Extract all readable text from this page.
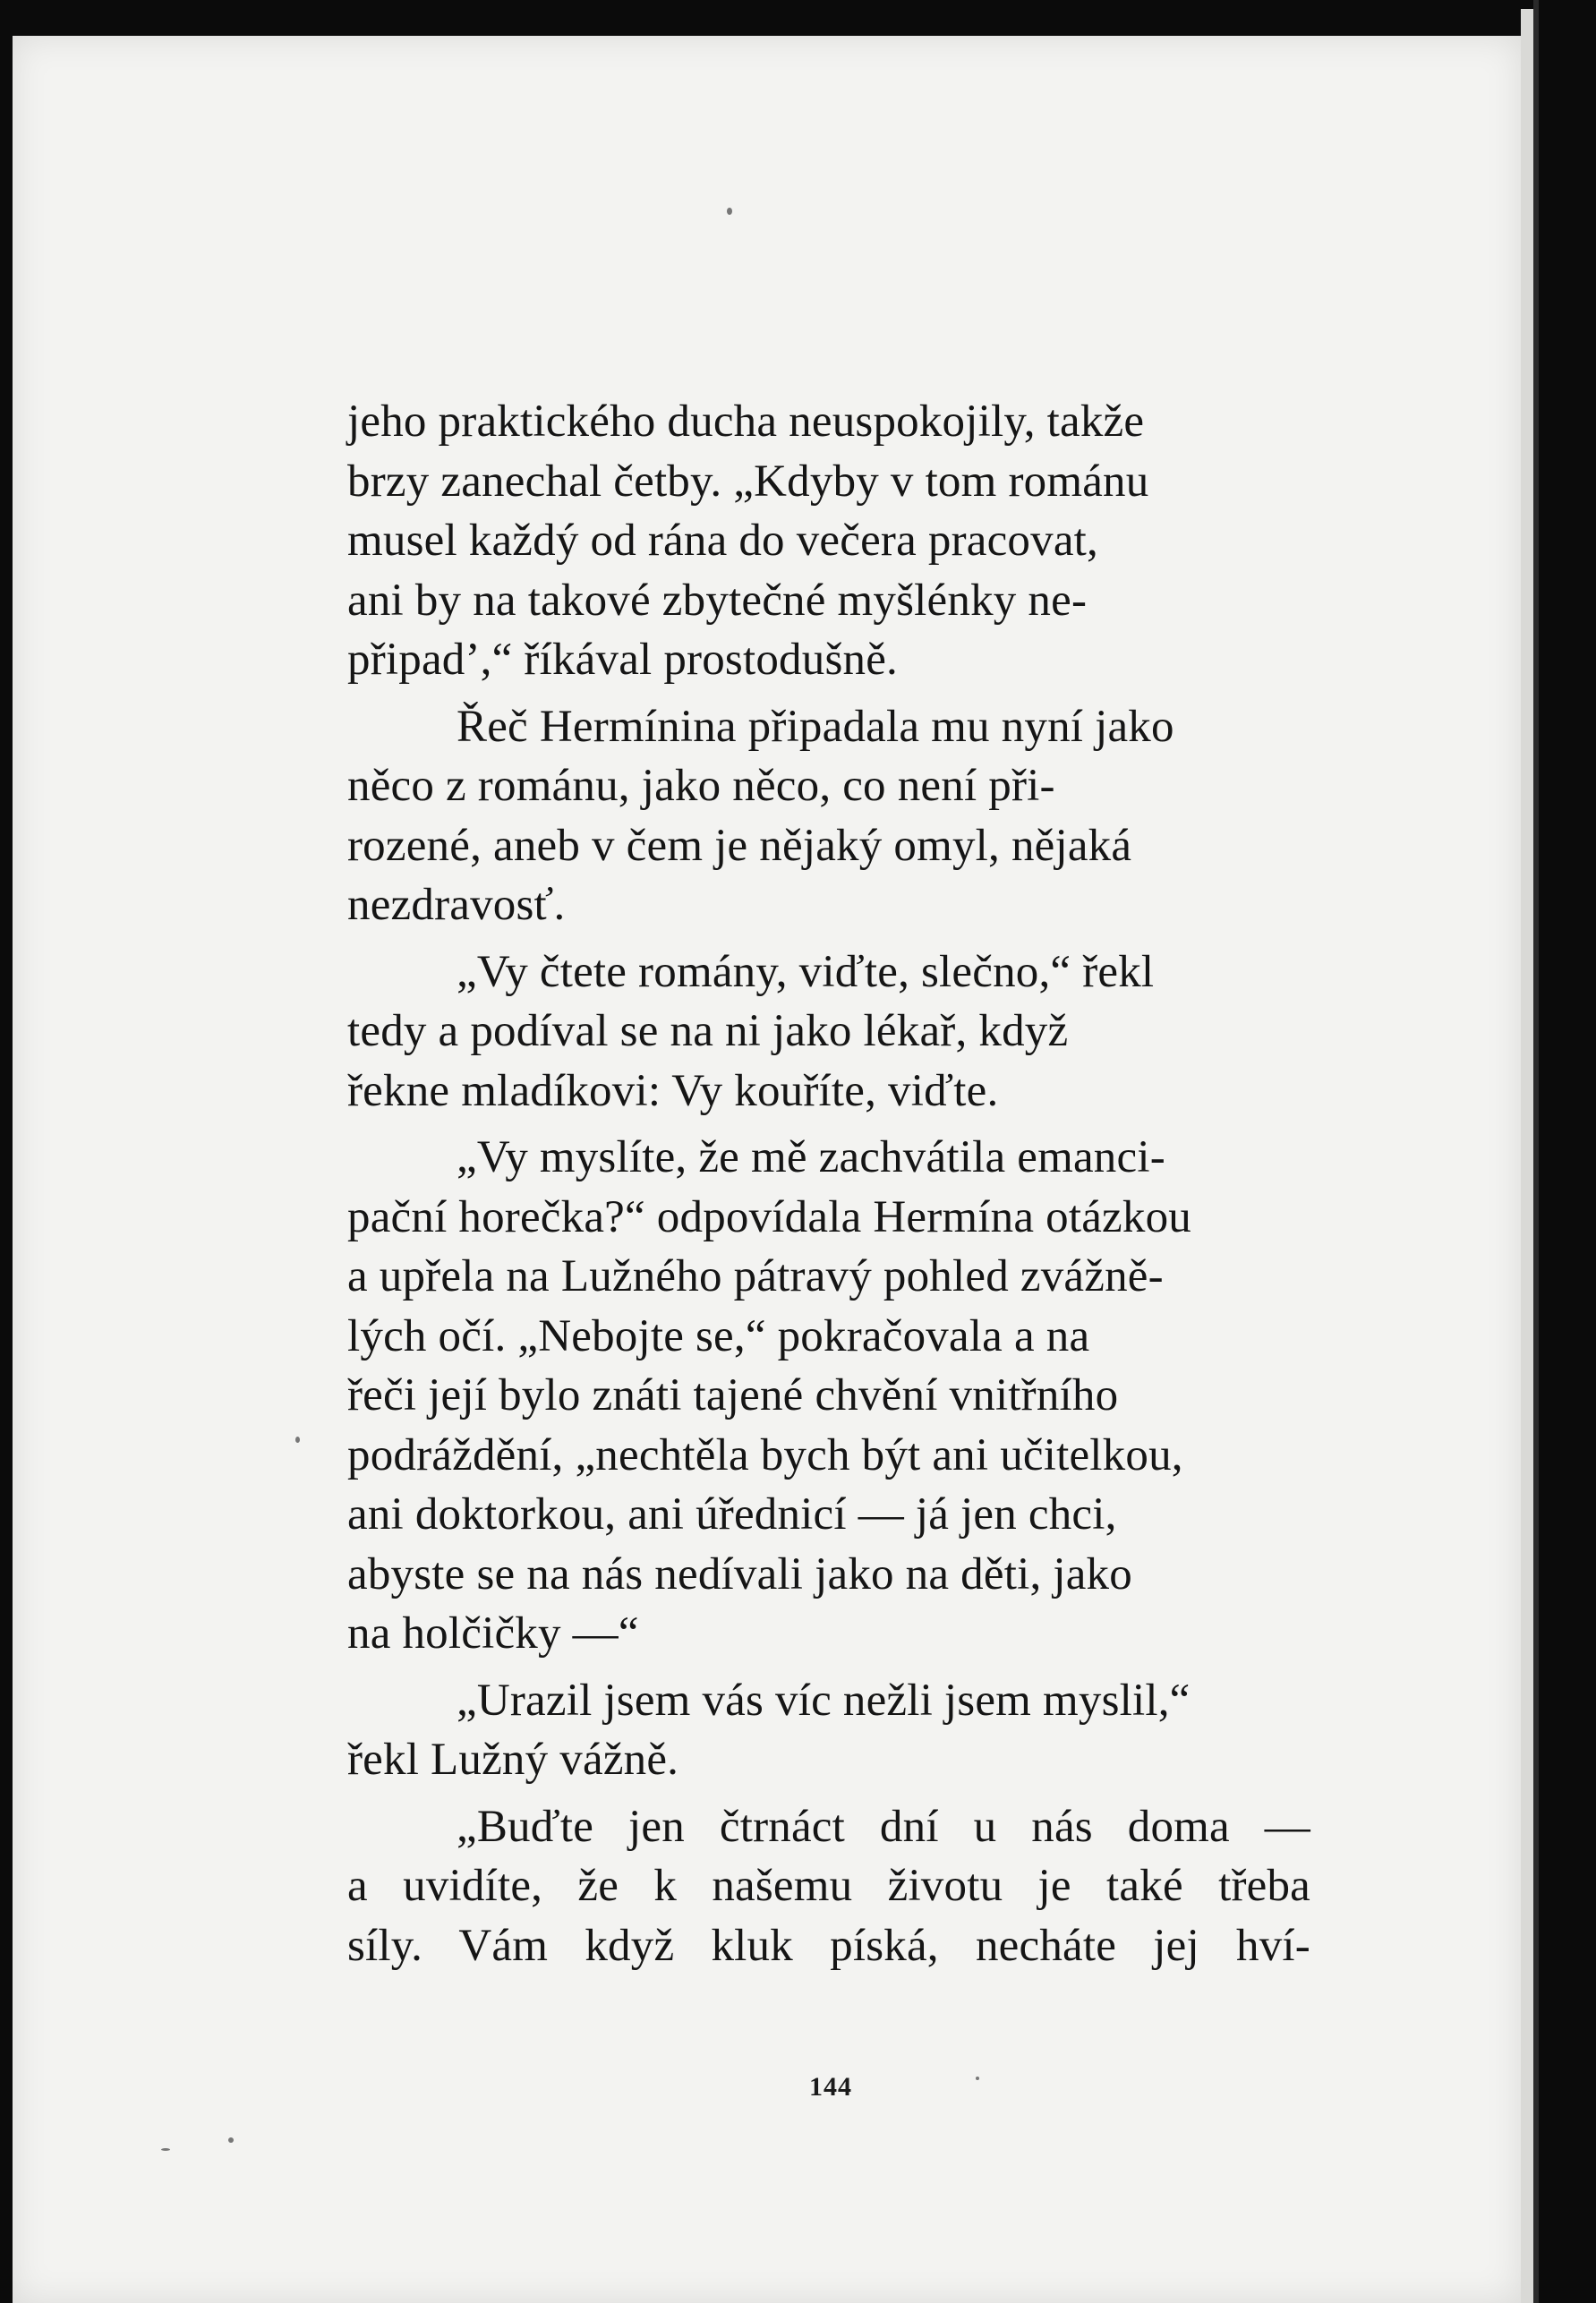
jeho praktického ducha neuspokojily, takže
brzy zanechal četby. „Kdyby v tom románu
musel každý od rána do večera pracovat,
ani by na takové zbytečné myšlénky ne-
připad’,“ říkával prostodušně.

Řeč Hermínina připadala mu nyní jako
něco z románu, jako něco, co není při-
rozené, aneb v čem je nějaký omyl, nějaká
nezdravosť.

„Vy čtete romány, viďte, slečno,“ řekl
tedy a podíval se na ni jako lékař, když
řekne mladíkovi: Vy kouříte, viďte.

„Vy myslíte, že mě zachvátila emanci-
pační horečka?“ odpovídala Hermína otázkou
a upřela na Lužného pátravý pohled zvážně-
lých očí. „Nebojte se,“ pokračovala a na
řeči její bylo znáti tajené chvění vnitřního
podráždění, „nechtěla bych být ani učitelkou,
ani doktorkou, ani úřednicí — já jen chci,
abyste se na nás nedívali jako na děti, jako
na holčičky —“

„Urazil jsem vás víc nežli jsem myslil,“
řekl Lužný vážně.

„Buďte jen čtrnáct dní u nás doma —
a uvidíte, že k našemu životu je také třeba
síly. Vám když kluk píská, necháte jej hví-

144
